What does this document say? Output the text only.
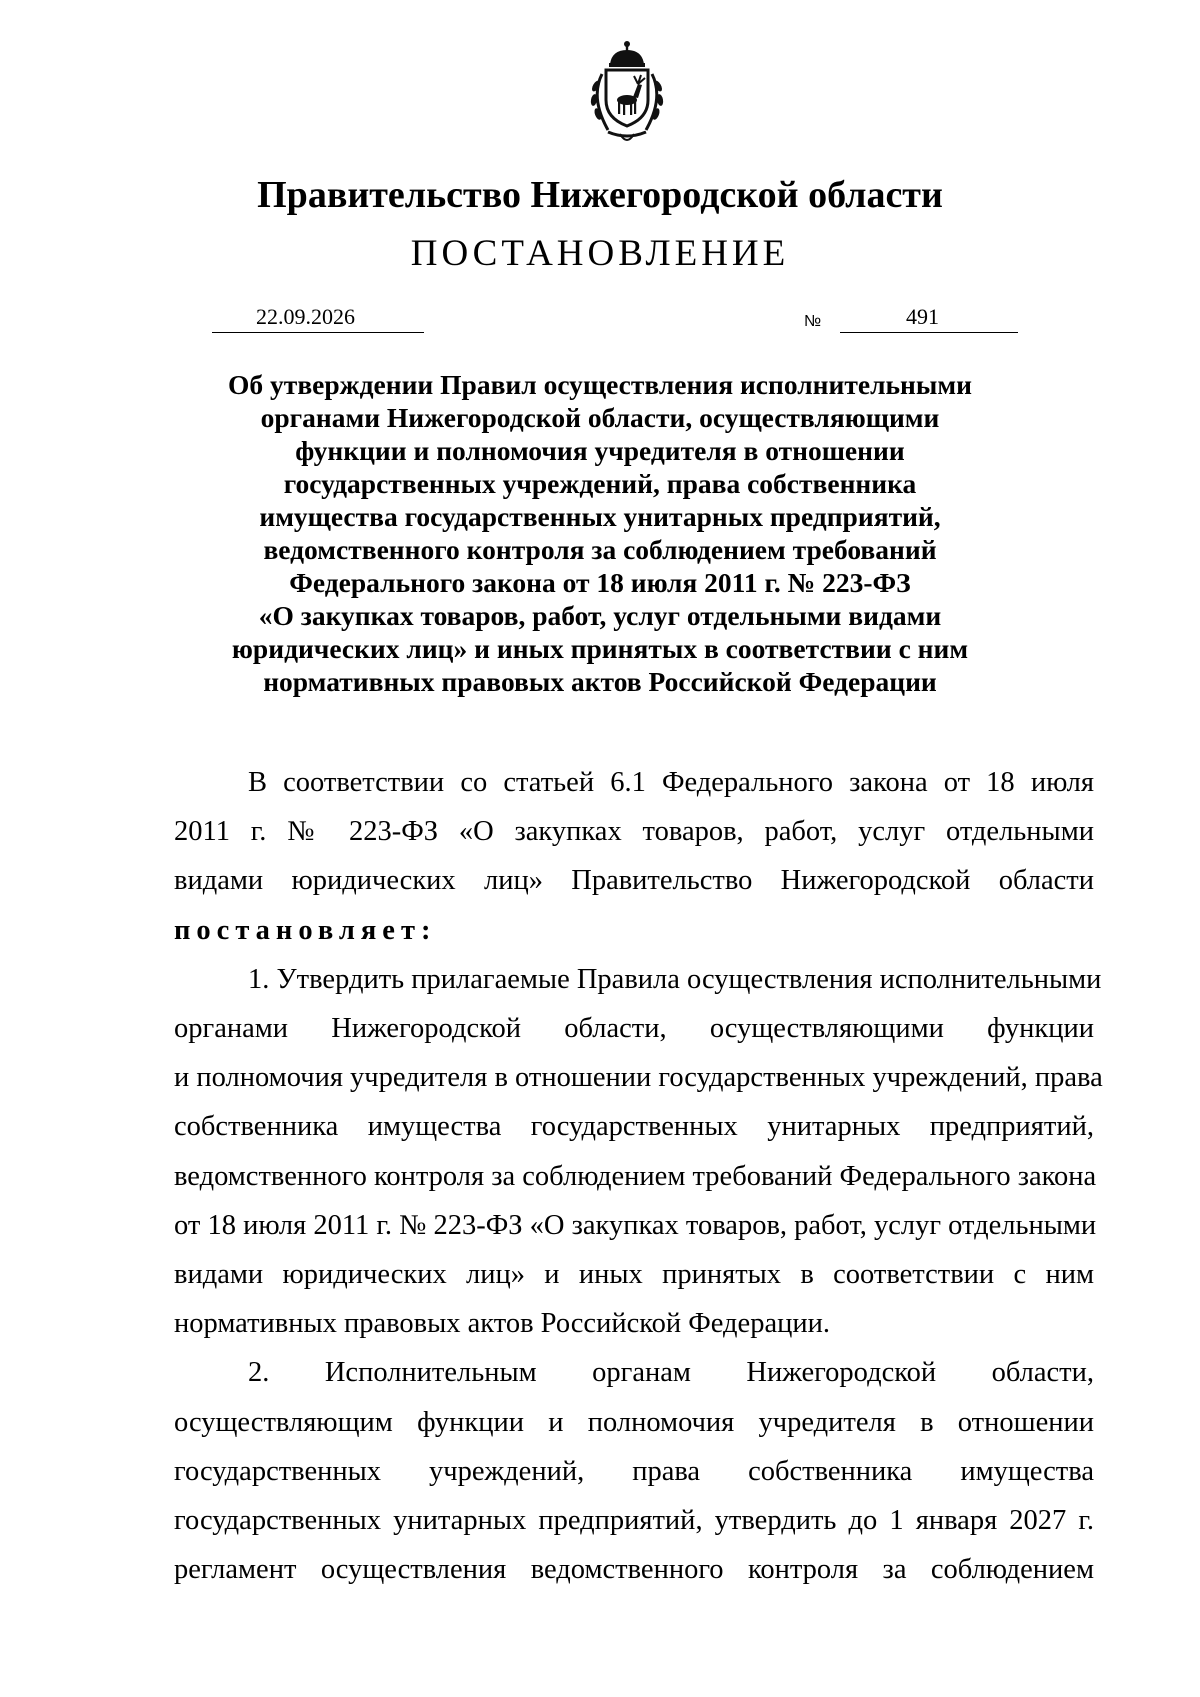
Правительство Нижегородской области
ПОСТАНОВЛЕНИЕ
22.09.2026	№	491
Об утверждении Правил осуществления исполнительными
органами Нижегородской области, осуществляющими
функции и полномочия учредителя в отношении
государственных учреждений, права собственника
имущества государственных унитарных предприятий,
ведомственного контроля за соблюдением требований
Федерального закона от 18 июля 2011 г. № 223-ФЗ
«О закупках товаров, работ, услуг отдельными видами
юридических лиц» и иных принятых в соответствии с ним
нормативных правовых актов Российской Федерации
В соответствии со статьей 6.1 Федерального закона от 18 июля
2011 г. № 223-ФЗ «О закупках товаров, работ, услуг отдельными
видами юридических лиц» Правительство Нижегородской области
постановляет:
1. Утвердить прилагаемые Правила осуществления исполнительными
органами Нижегородской области, осуществляющими функции
и полномочия учредителя в отношении государственных учреждений, права
собственника имущества государственных унитарных предприятий,
ведомственного контроля за соблюдением требований Федерального закона
от 18 июля 2011 г. № 223-ФЗ «О закупках товаров, работ, услуг отдельными
видами юридических лиц» и иных принятых в соответствии с ним
нормативных правовых актов Российской Федерации.
2. Исполнительным органам Нижегородской области,
осуществляющим функции и полномочия учредителя в отношении
государственных учреждений, права собственника имущества
государственных унитарных предприятий, утвердить до 1 января 2027 г.
регламент осуществления ведомственного контроля за соблюдением
